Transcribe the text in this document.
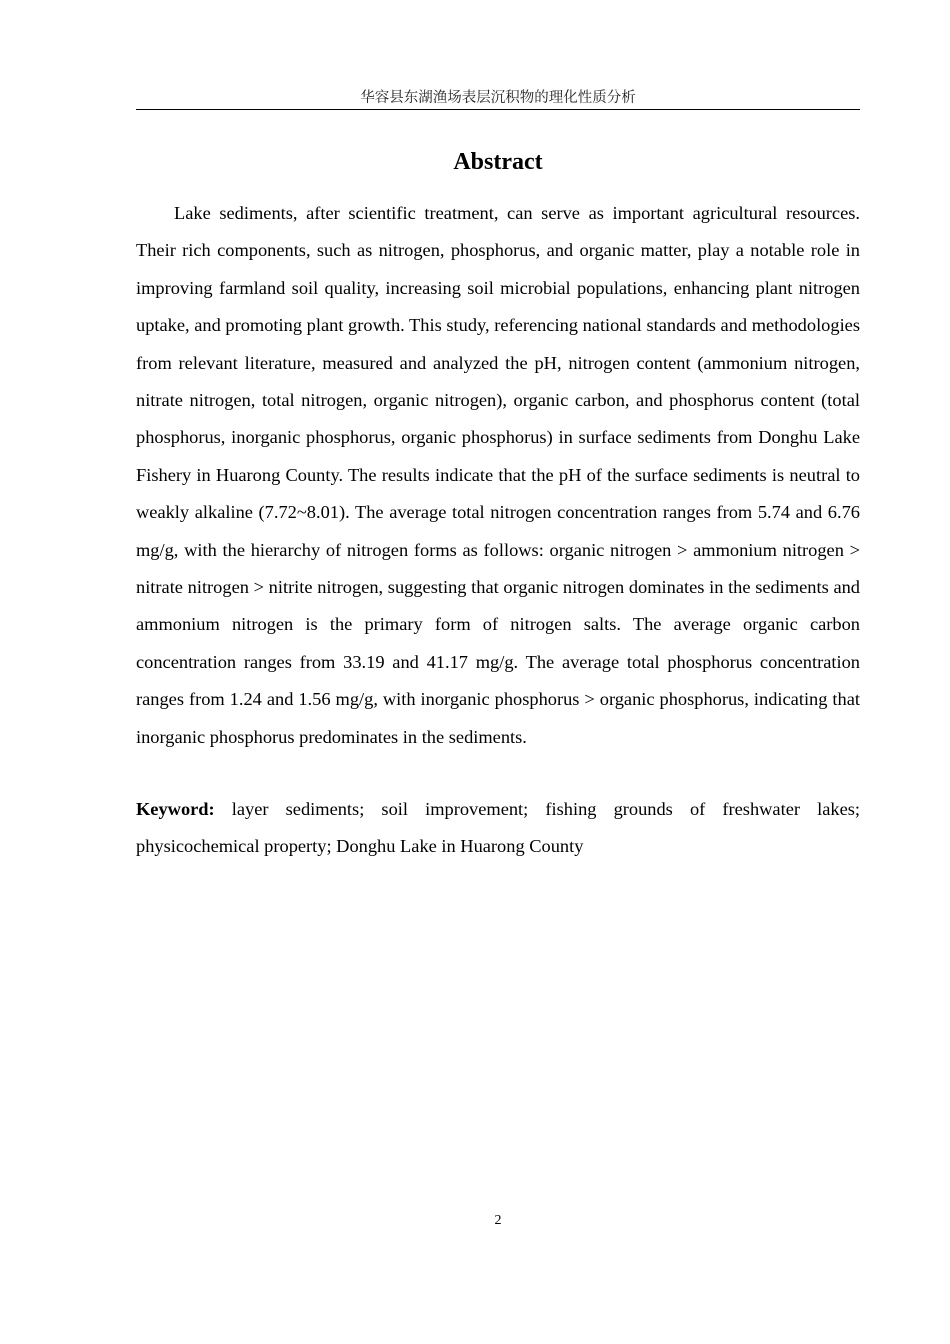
华容县东湖渔场表层沉积物的理化性质分析
Abstract

Lake sediments, after scientific treatment, can serve as important agricultural resources. Their rich components, such as nitrogen, phosphorus, and organic matter, play a notable role in improving farmland soil quality, increasing soil microbial populations, enhancing plant nitrogen uptake, and promoting plant growth. This study, referencing national standards and methodologies from relevant literature, measured and analyzed the pH, nitrogen content (ammonium nitrogen, nitrate nitrogen, total nitrogen, organic nitrogen), organic carbon, and phosphorus content (total phosphorus, inorganic phosphorus, organic phosphorus) in surface sediments from Donghu Lake Fishery in Huarong County. The results indicate that the pH of the surface sediments is neutral to weakly alkaline (7.72~8.01). The average total nitrogen concentration ranges from 5.74 and 6.76 mg/g, with the hierarchy of nitrogen forms as follows: organic nitrogen > ammonium nitrogen > nitrate nitrogen > nitrite nitrogen, suggesting that organic nitrogen dominates in the sediments and ammonium nitrogen is the primary form of nitrogen salts. The average organic carbon concentration ranges from 33.19 and 41.17 mg/g. The average total phosphorus concentration ranges from 1.24 and 1.56 mg/g, with inorganic phosphorus > organic phosphorus, indicating that inorganic phosphorus predominates in the sediments.

Keyword: layer sediments; soil improvement; fishing grounds of freshwater lakes; physicochemical property; Donghu Lake in Huarong County

2
